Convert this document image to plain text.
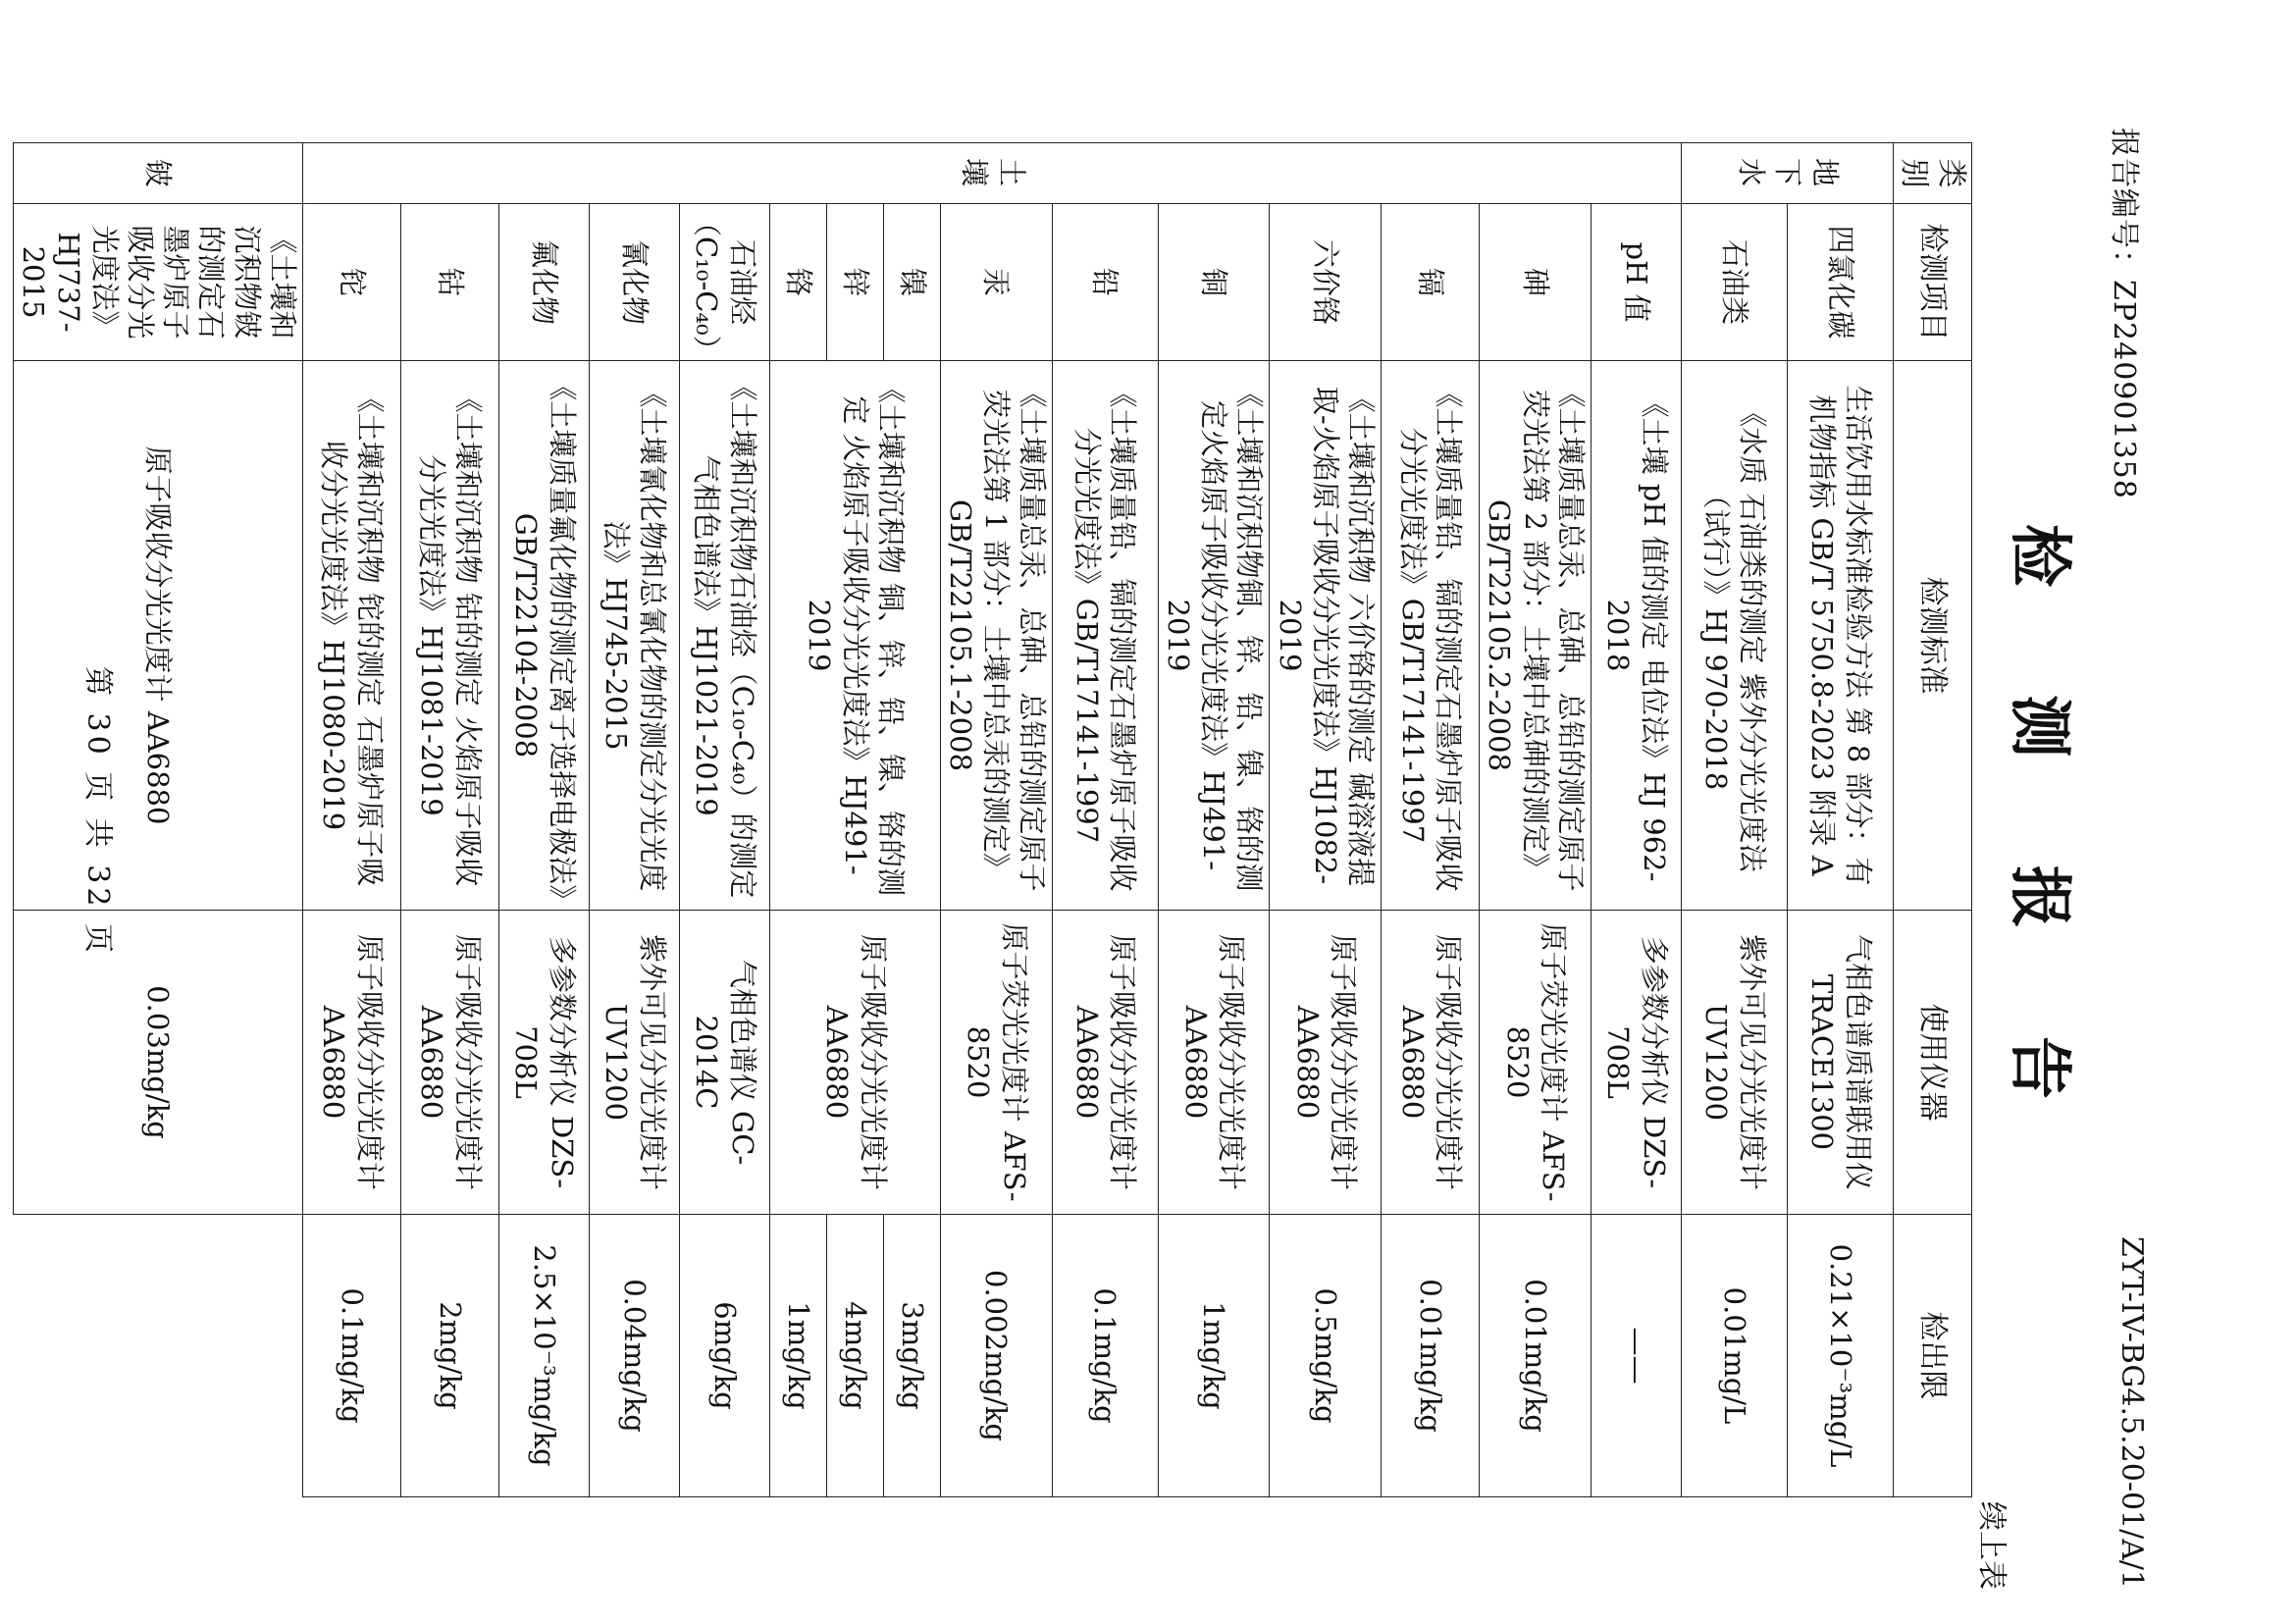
报告编号：ZP240901358
ZYT-IV-BG4.5.20-01/A/1
检测报告
续上表
类别	检测项目	检测标准	使用仪器	检出限
地下水	四氯化碳	生活饮用水标准检验方法 第 8 部分：有机物指标 GB/T 5750.8-2023 附录 A	气相色谱质谱联用仪 TRACE1300	0.21×10⁻³mg/L
	石油类	《水质 石油类的测定 紫外分光光度法（试行）》HJ 970-2018	紫外可见分光光度计 UV1200	0.01mg/L
土壤	pH 值	《土壤 pH 值的测定 电位法》HJ 962-2018	多参数分析仪 DZS-708L	——
	砷	《土壤质量总汞、总砷、总铅的测定原子荧光法第 2 部分：土壤中总砷的测定》GB/T22105.2-2008	原子荧光光度计 AFS-8520	0.01mg/kg
	镉	《土壤质量铅、镉的测定石墨炉原子吸收分光光度法》GB/T17141-1997	原子吸收分光光度计 AA6880	0.01mg/kg
	六价铬	《土壤和沉积物 六价铬的测定 碱溶液提取-火焰原子吸收分光光度法》HJ1082-2019	原子吸收分光光度计 AA6880	0.5mg/kg
	铜	《土壤和沉积物铜、锌、铅、镍、铬的测定火焰原子吸收分光光度法》HJ491-2019	原子吸收分光光度计 AA6880	1mg/kg
	铅	《土壤质量铅、镉的测定石墨炉原子吸收分光光度法》GB/T17141-1997	原子吸收分光光度计 AA6880	0.1mg/kg
	汞	《土壤质量总汞、总砷、总铅的测定原子荧光法第 1 部分：土壤中总汞的测定》GB/T22105.1-2008	原子荧光光度计 AFS-8520	0.002mg/kg
	镍	《土壤和沉积物 铜、锌、铅、镍、铬的测定 火焰原子吸收分光光度法》HJ491-2019	原子吸收分光光度计 AA6880	3mg/kg
	锌			4mg/kg
	铬			1mg/kg
	石油烃（C₁₀-C₄₀）	《土壤和沉积物石油烃（C₁₀-C₄₀）的测定气相色谱法》HJ1021-2019	气相色谱仪 GC-2014C	6mg/kg
	氰化物	《土壤氰化物和总氰化物的测定分光光度法》HJ745-2015	紫外可见分光光度计 UV1200	0.04mg/kg
	氟化物	《土壤质量氟化物的测定离子选择电极法》GB/T22104-2008	多参数分析仪 DZS-708L	2.5×10⁻³mg/kg
	钴	《土壤和沉积物 钴的测定 火焰原子吸收分光光度法》HJ1081-2019	原子吸收分光光度计 AA6880	2mg/kg
	铊	《土壤和沉积物 铊的测定 石墨炉原子吸收分光光度法》HJ1080-2019	原子吸收分光光度计 AA6880	0.1mg/kg
铍	《土壤和沉积物铍的测定石墨炉原子吸收分光光度法》HJ737-2015	原子吸收分光光度计 AA6880	0.03mg/kg	
第 30 页 共 32 页
